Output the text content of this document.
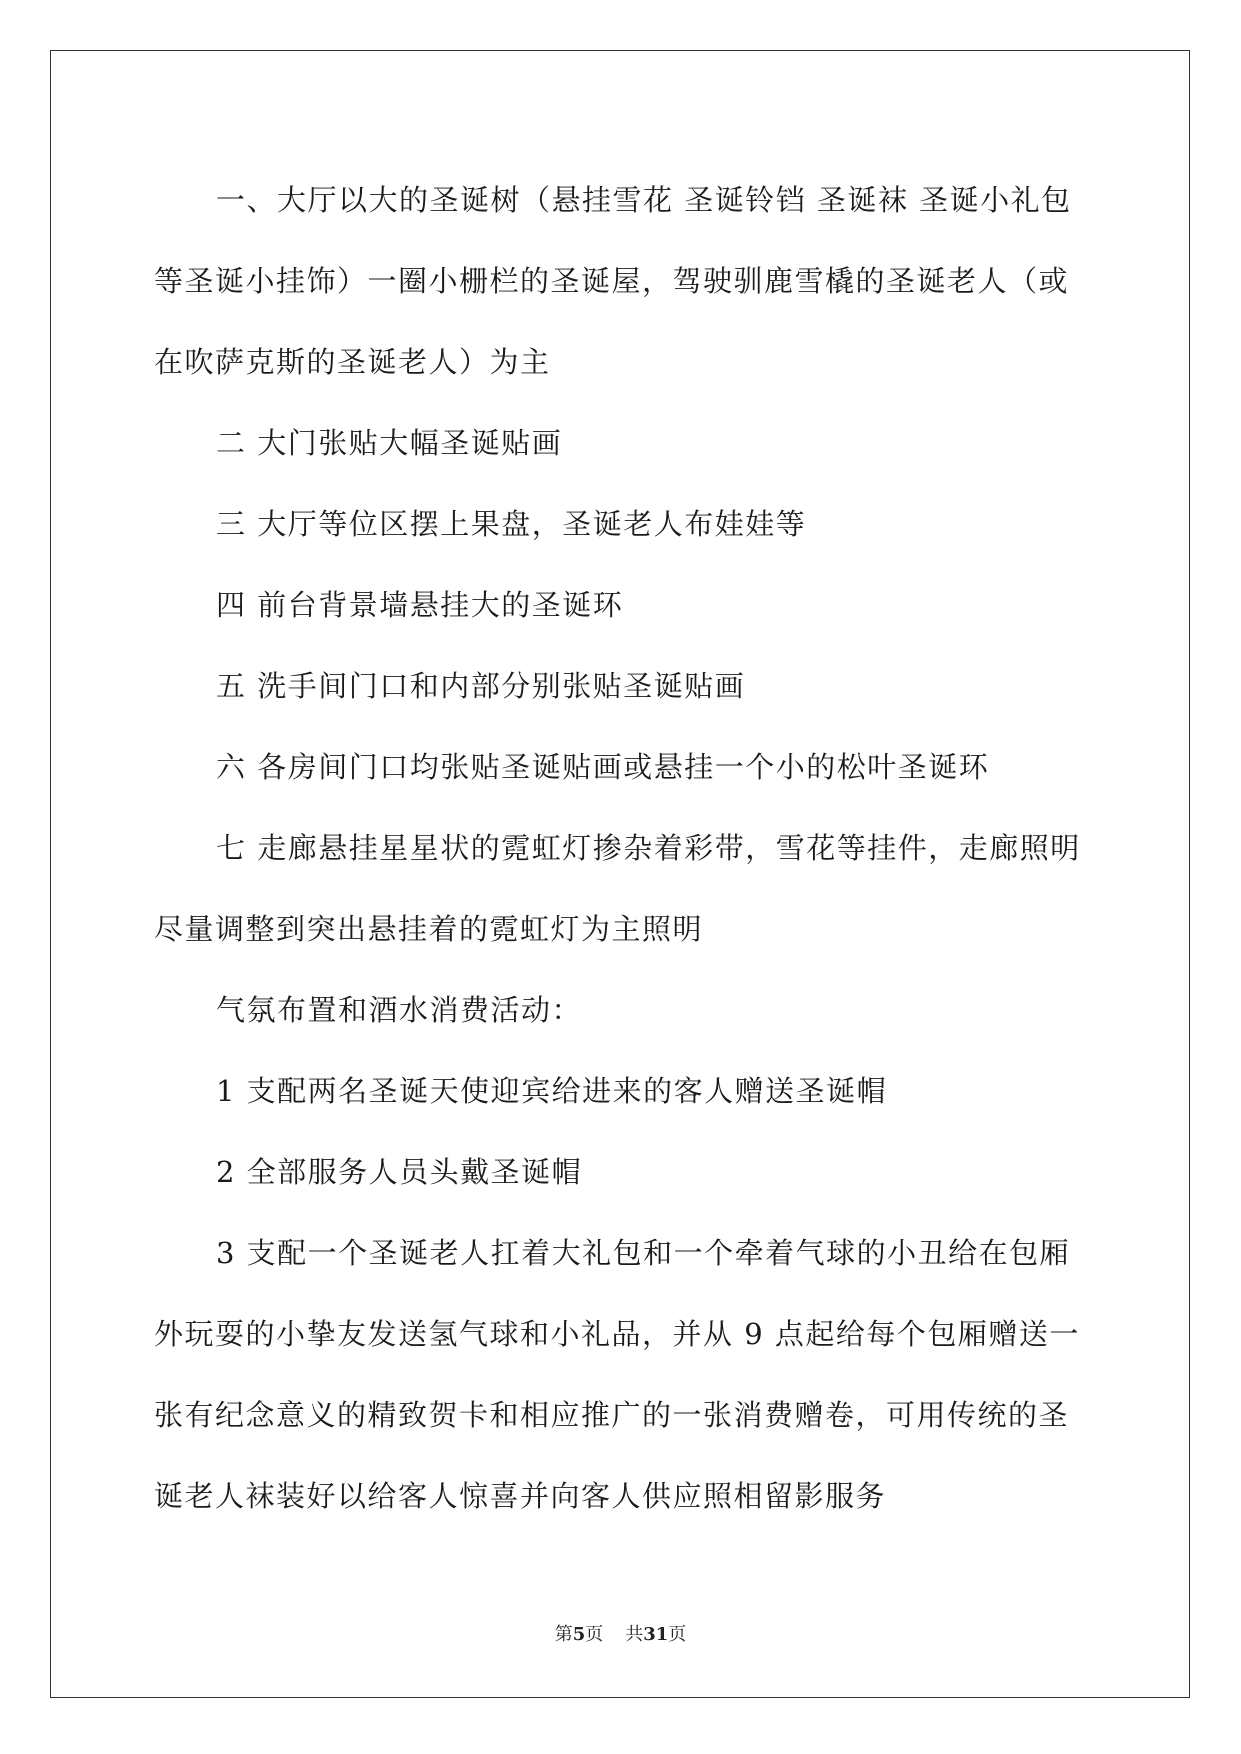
一、大厅以大的圣诞树（悬挂雪花 圣诞铃铛 圣诞袜 圣诞小礼包等圣诞小挂饰）一圈小栅栏的圣诞屋，驾驶驯鹿雪橇的圣诞老人（或在吹萨克斯的圣诞老人）为主

二 大门张贴大幅圣诞贴画

三 大厅等位区摆上果盘，圣诞老人布娃娃等

四 前台背景墙悬挂大的圣诞环

五 洗手间门口和内部分别张贴圣诞贴画

六 各房间门口均张贴圣诞贴画或悬挂一个小的松叶圣诞环

七 走廊悬挂星星状的霓虹灯掺杂着彩带，雪花等挂件，走廊照明尽量调整到突出悬挂着的霓虹灯为主照明

气氛布置和酒水消费活动：

1 支配两名圣诞天使迎宾给进来的客人赠送圣诞帽

2 全部服务人员头戴圣诞帽

3 支配一个圣诞老人扛着大礼包和一个牵着气球的小丑给在包厢外玩耍的小挚友发送氢气球和小礼品，并从 9 点起给每个包厢赠送一张有纪念意义的精致贺卡和相应推广的一张消费赠卷，可用传统的圣诞老人袜装好以给客人惊喜并向客人供应照相留影服务

第5页 共31页
